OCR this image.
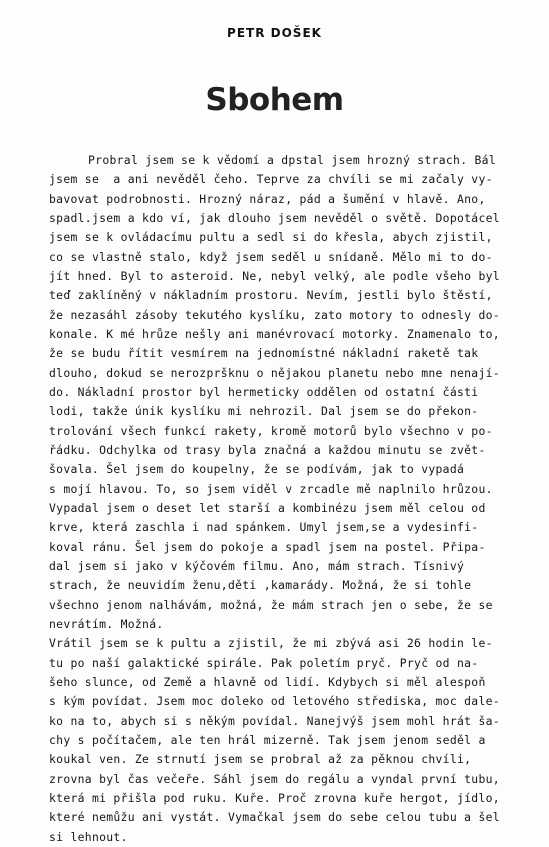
PETR DOŠEK
Sbohem
Probral jsem se k vědomí a dpstal jsem hrozný strach. Bál
jsem se  a ani nevěděl čeho. Teprve za chvíli se mi začaly vy-
bavovat podrobnosti. Hrozný náraz, pád a šumění v hlavě. Ano,
spadl.jsem a kdo ví, jak dlouho jsem nevěděl o světě. Dopotácel
jsem se k ovládacímu pultu a sedl si do křesla, abych zjistil,
co se vlastně stalo, když jsem seděl u snídaně. Mělo mi to do-
jít hned. Byl to asteroid. Ne, nebyl velký, ale podle všeho byl
teď zaklíněný v nákladním prostoru. Nevím, jestli bylo štěstí,
že nezasáhl zásoby tekutého kyslíku, zato motory to odnesly do-
konale. K mé hrůze nešly ani manévrovací motorky. Znamenalo to,
že se budu řítit vesmírem na jednomístné nákladní raketě tak
dlouho, dokud se nerozpršknu o nějakou planetu nebo mne nenají-
do. Nákladní prostor byl hermeticky oddělen od ostatní části
lodi, takže únik kyslíku mi nehrozil. Dal jsem se do překon-
trolování všech funkcí rakety, kromě motorů bylo všechno v po-
řádku. Odchylka od trasy byla značná a každou minutu se zvět-
šovala. Šel jsem do koupelny, že se podívám, jak to vypadá
s mojí hlavou. To, so jsem viděl v zrcadle mě naplnilo hrůzou.
Vypadal jsem o deset let starší a kombinézu jsem měl celou od
krve, která zaschla i nad spánkem. Umyl jsem,se a vydesinfi-
koval ránu. Šel jsem do pokoje a spadl jsem na postel. Připa-
dal jsem si jako v kýčovém filmu. Ano, mám strach. Tísnivý
strach, že neuvidím ženu,děti ,kamarády. Možná, že si tohle
všechno jenom nalhávám, možná, že mám strach jen o sebe, že se
nevrátím. Možná.
Vrátil jsem se k pultu a zjistil, že mi zbývá asi 26 hodin le-
tu po naší galaktické spirále. Pak poletím pryč. Pryč od na-
šeho slunce, od Země a hlavně od lidí. Kdybych si měl alespoň
s kým povídat. Jsem moc doleko od letového střediska, moc dale-
ko na to, abych si s někým povídal. Nanejvýš jsem mohl hrát ša-
chy s počítačem, ale ten hrál mizerně. Tak jsem jenom seděl a
koukal ven. Ze strnutí jsem se probral až za pěknou chvíli,
zrovna byl čas večeře. Sáhl jsem do regálu a vyndal první tubu,
která mi přišla pod ruku. Kuře. Proč zrovna kuře hergot, jídlo,
které nemůžu ani vystát. Vymačkal jsem do sebe celou tubu a šel
si lehnout.
